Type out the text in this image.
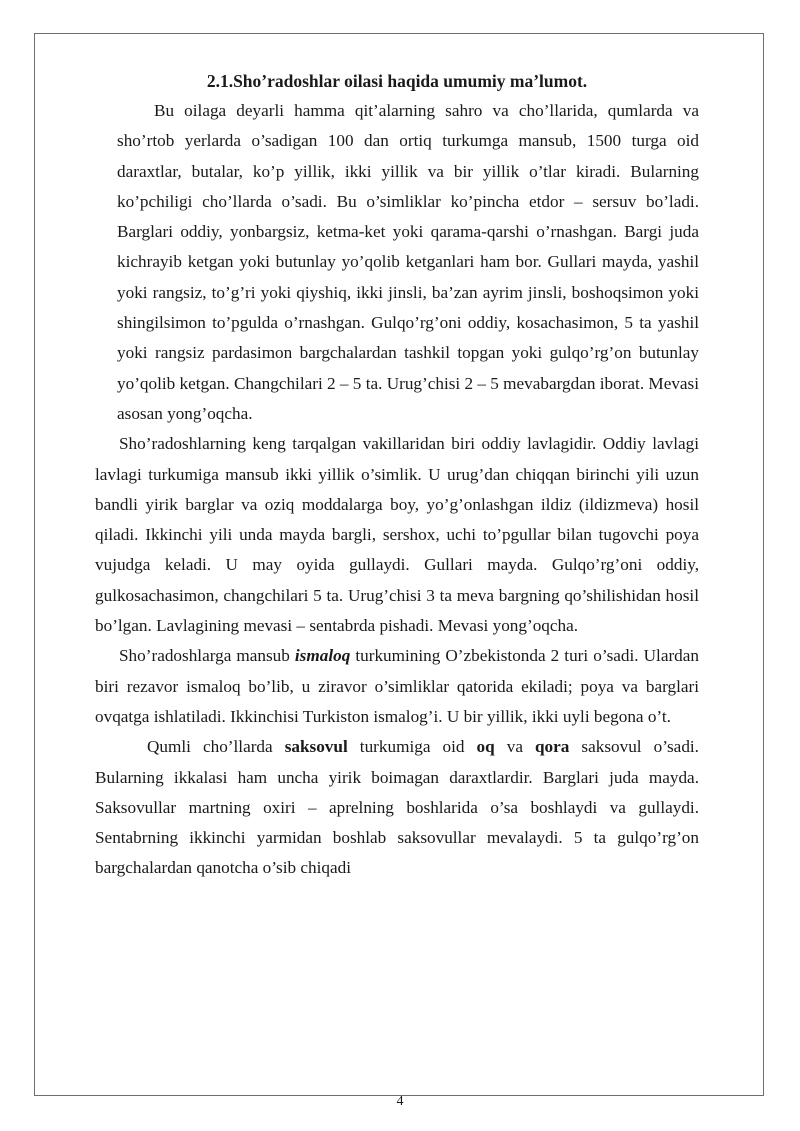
2.1.Sho’radoshlar oilasi haqida umumiy ma’lumot.

Bu oilaga deyarli hamma qit’alarning sahro va cho’llarida, qumlarda va sho’rtob yerlarda o’sadigan 100 dan ortiq turkumga mansub, 1500 turga oid daraxtlar, butalar, ko’p yillik, ikki yillik va bir yillik o’tlar kiradi. Bularning ko’pchiligi cho’llarda o’sadi. Bu o’simliklar ko’pincha etdor – sersuv bo’ladi. Barglari oddiy, yonbargsiz, ketma-ket yoki qarama-qarshi o’rnashgan. Bargi juda kichrayib ketgan yoki butunlay yo’qolib ketganlari ham bor. Gullari mayda, yashil yoki rangsiz, to’g’ri yoki qiyshiq, ikki jinsli, ba’zan ayrim jinsli, boshoqsimon yoki shingilsimon to’pgulda o’rnashgan. Gulqo’rg’oni oddiy, kosachasimon, 5 ta yashil yoki rangsiz pardasimon bargchalardan tashkil topgan yoki gulqo’rg’on butunlay yo’qolib ketgan. Changchilari 2 – 5 ta. Urug’chisi 2 – 5 mevabargdan iborat. Mevasi asosan yong’oqcha.

Sho’radoshlarning keng tarqalgan vakillaridan biri oddiy lavlagidir. Oddiy lavlagi lavlagi turkumiga mansub ikki yillik o’simlik. U urug’dan chiqqan birinchi yili uzun bandli yirik barglar va oziq moddalarga boy, yo’g’onlashgan ildiz (ildizmeva) hosil qiladi. Ikkinchi yili unda mayda bargli, sershox, uchi to’pgullar bilan tugovchi poya vujudga keladi. U may oyida gullaydi. Gullari mayda. Gulqo’rg’oni oddiy, gulkosachasimon, changchilari 5 ta. Urug’chisi 3 ta meva bargning qo’shilishidan hosil bo’lgan. Lavlagining mevasi – sentabrda pishadi. Mevasi yong’oqcha.

Sho’radoshlarga mansub ismaloq turkumining O’zbekistonda 2 turi o’sadi. Ulardan biri rezavor ismaloq bo’lib, u ziravor o’simliklar qatorida ekiladi; poya va barglari ovqatga ishlatiladi. Ikkinchisi Turkiston ismalog’i. U bir yillik, ikki uyli begona o’t.

Qumli cho’llarda saksovul turkumiga oid oq va qora saksovul o’sadi. Bularning ikkalasi ham uncha yirik boimagan daraxtlardir. Barglari juda mayda. Saksovullar martning oxiri – aprelning boshlarida o’sa boshlaydi va gullaydi. Sentabrning ikkinchi yarmidan boshlab saksovullar mevalaydi. 5 ta gulqo’rg’on bargchalardan qanotcha o’sib chiqadi

4
